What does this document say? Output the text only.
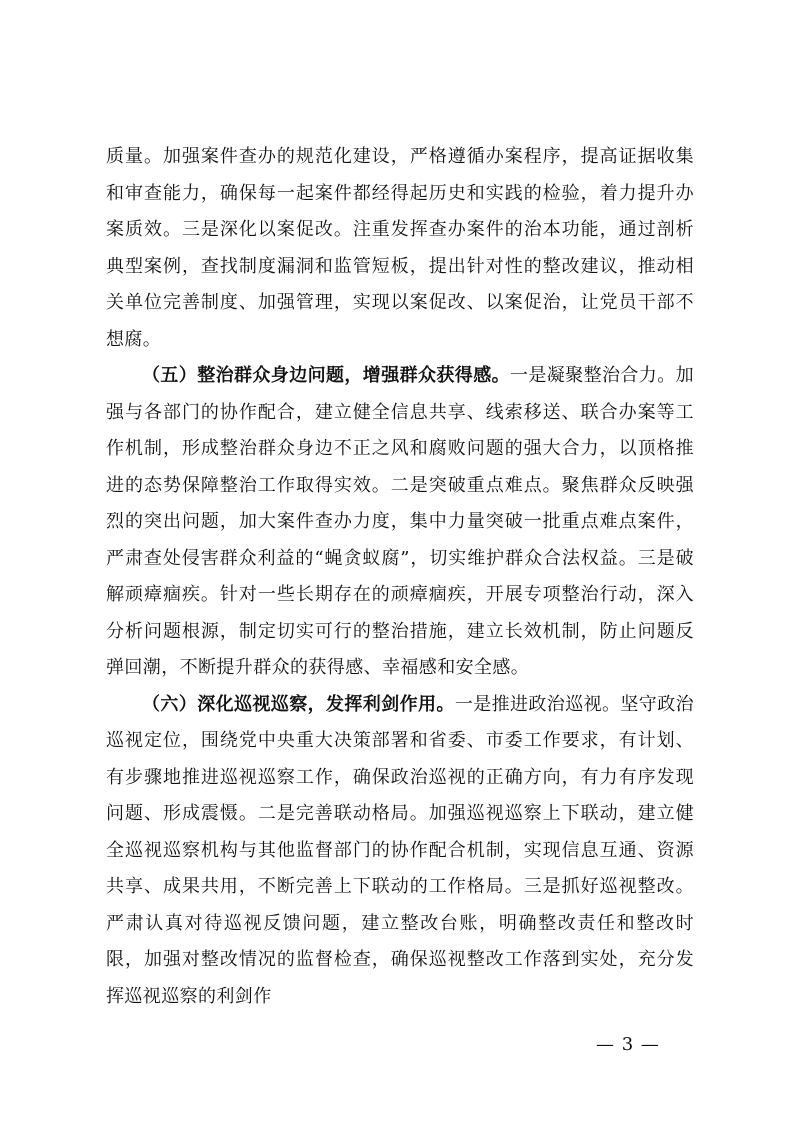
质量。加强案件查办的规范化建设，严格遵循办案程序，提高证据收集和审查能力，确保每一起案件都经得起历史和实践的检验，着力提升办案质效。三是深化以案促改。注重发挥查办案件的治本功能，通过剖析典型案例，查找制度漏洞和监管短板，提出针对性的整改建议，推动相关单位完善制度、加强管理，实现以案促改、以案促治，让党员干部不想腐。

（五）整治群众身边问题，增强群众获得感。一是凝聚整治合力。加强与各部门的协作配合，建立健全信息共享、线索移送、联合办案等工作机制，形成整治群众身边不正之风和腐败问题的强大合力，以顶格推进的态势保障整治工作取得实效。二是突破重点难点。聚焦群众反映强烈的突出问题，加大案件查办力度，集中力量突破一批重点难点案件，严肃查处侵害群众利益的“蝇贪蚁腐”，切实维护群众合法权益。三是破解顽瘴痼疾。针对一些长期存在的顽瘴痼疾，开展专项整治行动，深入分析问题根源，制定切实可行的整治措施，建立长效机制，防止问题反弹回潮，不断提升群众的获得感、幸福感和安全感。

（六）深化巡视巡察，发挥利剑作用。一是推进政治巡视。坚守政治巡视定位，围绕党中央重大决策部署和省委、市委工作要求，有计划、有步骤地推进巡视巡察工作，确保政治巡视的正确方向，有力有序发现问题、形成震慑。二是完善联动格局。加强巡视巡察上下联动，建立健全巡视巡察机构与其他监督部门的协作配合机制，实现信息互通、资源共享、成果共用，不断完善上下联动的工作格局。三是抓好巡视整改。严肃认真对待巡视反馈问题，建立整改台账，明确整改责任和整改时限，加强对整改情况的监督检查，确保巡视整改工作落到实处，充分发挥巡视巡察的利剑作

— 3 —
